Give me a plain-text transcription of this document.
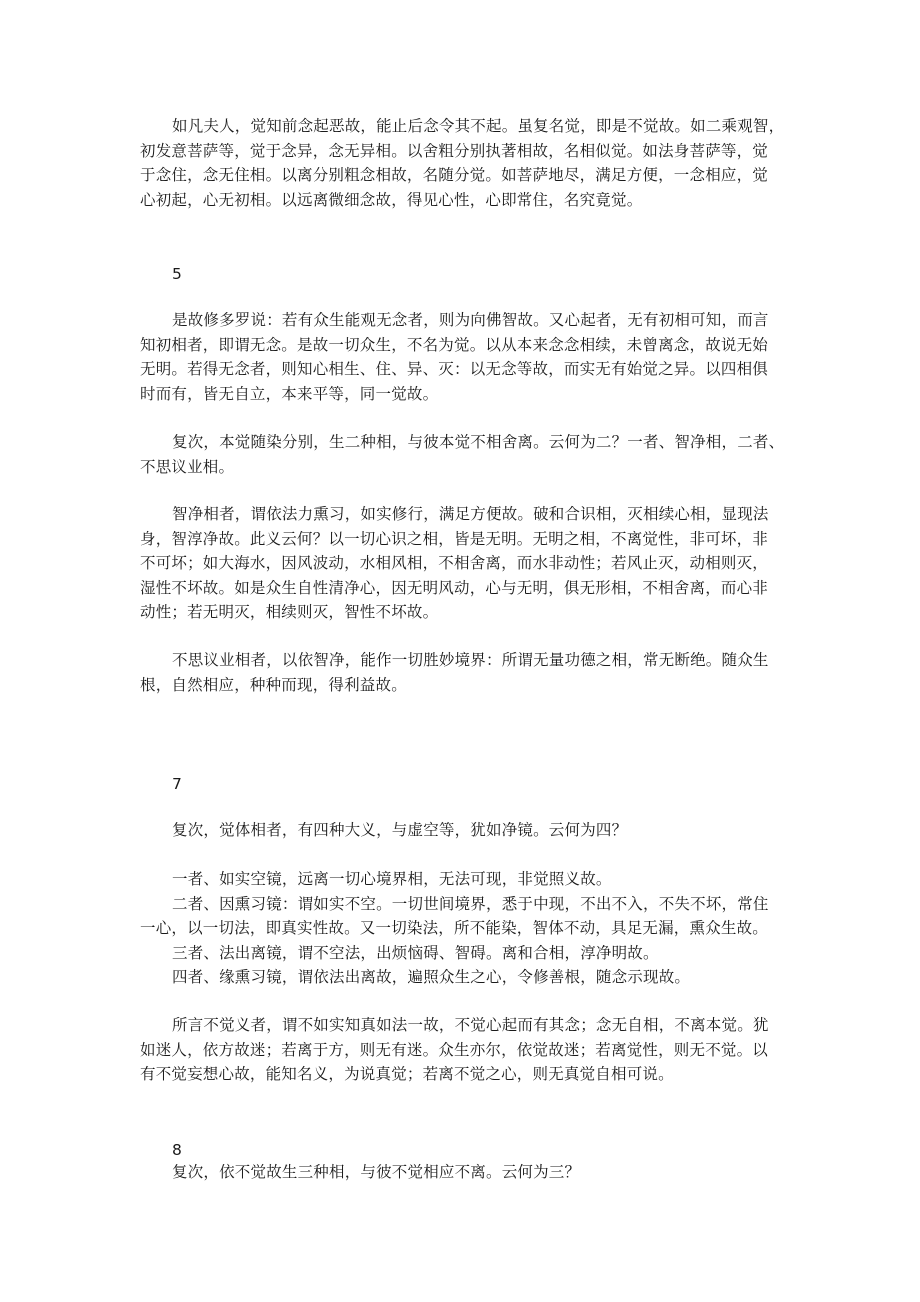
如凡夫人，觉知前念起恶故，能止后念令其不起。虽复名觉，即是不觉故。如二乘观智，
初发意菩萨等，觉于念异，念无异相。以舍粗分别执著相故，名相似觉。如法身菩萨等，觉
于念住，念无住相。以离分别粗念相故，名随分觉。如菩萨地尽，满足方便，一念相应，觉
心初起，心无初相。以远离微细念故，得见心性，心即常住，名究竟觉。
5
是故修多罗说：若有众生能观无念者，则为向佛智故。又心起者，无有初相可知，而言
知初相者，即谓无念。是故一切众生，不名为觉。以从本来念念相续，未曾离念，故说无始
无明。若得无念者，则知心相生、住、异、灭：以无念等故，而实无有始觉之异。以四相俱
时而有，皆无自立，本来平等，同一觉故。
复次，本觉随染分别，生二种相，与彼本觉不相舍离。云何为二？一者、智净相，二者、
不思议业相。
智净相者，谓依法力熏习，如实修行，满足方便故。破和合识相，灭相续心相，显现法
身，智淳净故。此义云何？以一切心识之相，皆是无明。无明之相，不离觉性，非可坏，非
不可坏；如大海水，因风波动，水相风相，不相舍离，而水非动性；若风止灭，动相则灭，
湿性不坏故。如是众生自性清净心，因无明风动，心与无明，俱无形相，不相舍离，而心非
动性；若无明灭，相续则灭，智性不坏故。
不思议业相者，以依智净，能作一切胜妙境界：所谓无量功德之相，常无断绝。随众生
根，自然相应，种种而现，得利益故。
7
复次，觉体相者，有四种大义，与虚空等，犹如净镜。云何为四？
一者、如实空镜，远离一切心境界相，无法可现，非觉照义故。
二者、因熏习镜：谓如实不空。一切世间境界，悉于中现，不出不入，不失不坏，常住
一心，以一切法，即真实性故。又一切染法，所不能染，智体不动，具足无漏，熏众生故。
三者、法出离镜，谓不空法，出烦恼碍、智碍。离和合相，淳净明故。
四者、缘熏习镜，谓依法出离故，遍照众生之心，令修善根，随念示现故。
所言不觉义者，谓不如实知真如法一故，不觉心起而有其念；念无自相，不离本觉。犹
如迷人，依方故迷；若离于方，则无有迷。众生亦尔，依觉故迷；若离觉性，则无不觉。以
有不觉妄想心故，能知名义，为说真觉；若离不觉之心，则无真觉自相可说。
8
复次，依不觉故生三种相，与彼不觉相应不离。云何为三？
